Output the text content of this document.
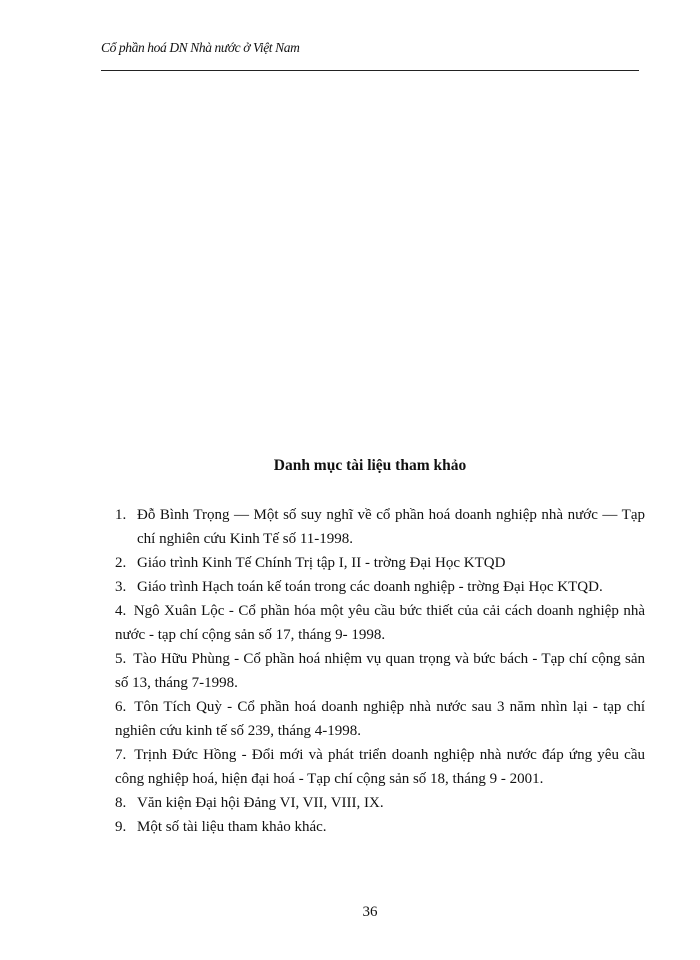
Cổ phần hoá DN Nhà nước ở Việt Nam
Danh mục tài liệu tham khảo
1. Đỗ Bình Trọng — Một số suy nghĩ về cổ phần hoá doanh nghiệp nhà nước — Tạp chí nghiên cứu Kinh Tế số 11-1998.
2. Giáo trình Kinh Tế Chính Trị tập I, II - trờng Đại Học KTQD
3. Giáo trình Hạch toán kế toán trong các doanh nghiệp - trờng Đại Học KTQD.
4. Ngô Xuân Lộc - Cổ phần hóa một yêu cầu bức thiết của cải cách doanh nghiệp nhà nước - tạp chí cộng sản số 17, tháng 9- 1998.
5. Tào Hữu Phùng - Cổ phần hoá nhiệm vụ quan trọng và bức bách - Tạp chí cộng sản số 13, tháng 7-1998.
6. Tôn Tích Quỳ - Cổ phần hoá doanh nghiệp nhà nước sau 3 năm nhìn lại - tạp chí nghiên cứu kinh tế số 239, tháng 4-1998.
7. Trịnh Đức Hồng - Đổi mới và phát triển doanh nghiệp nhà nước đáp ứng yêu cầu công nghiệp hoá, hiện đại hoá - Tạp chí cộng sản số 18, tháng 9 - 2001.
8. Văn kiện Đại hội Đảng VI, VII, VIII, IX.
9. Một số tài liệu tham khảo khác.
36
